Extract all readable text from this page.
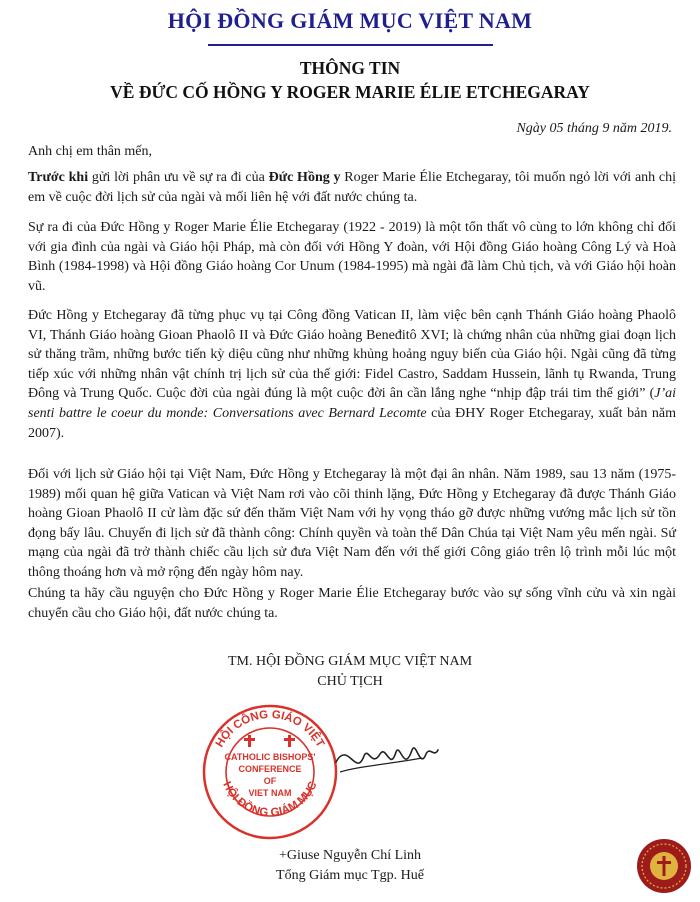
HỘI ĐỒNG GIÁM MỤC VIỆT NAM
THÔNG TIN
VỀ ĐỨC CỐ HỒNG Y ROGER MARIE ÉLIE ETCHEGARAY
Ngày 05 tháng 9 năm 2019.
Anh chị em thân mến,

Trước khi gửi lời phân ưu về sự ra đi của Đức Hồng y Roger Marie Élie Etchegaray, tôi muốn ngỏ lời với anh chị em về cuộc đời lịch sử của ngài và mối liên hệ với đất nước chúng ta.

Sự ra đi của Đức Hồng y Roger Marie Élie Etchegaray (1922 - 2019) là một tổn thất vô cùng to lớn không chỉ đối với gia đình của ngài và Giáo hội Pháp, mà còn đối với Hồng Y đoàn, với Hội đồng Giáo hoàng Công Lý và Hoà Bình (1984-1998) và Hội đồng Giáo hoàng Cor Unum (1984-1995) mà ngài đã làm Chủ tịch, và với Giáo hội hoàn vũ.

Đức Hồng y Etchegaray đã từng phục vụ tại Công đồng Vatican II, làm việc bên cạnh Thánh Giáo hoàng Phaolô VI, Thánh Giáo hoàng Gioan Phaolô II và Đức Giáo hoàng Beneđitô XVI; là chứng nhân của những giai đoạn lịch sử thăng trầm, những bước tiến kỳ diệu cũng như những khủng hoảng nguy biến của Giáo hội. Ngài cũng đã từng tiếp xúc với những nhân vật chính trị lịch sử của thế giới: Fidel Castro, Saddam Hussein, lãnh tụ Rwanda, Trung Đông và Trung Quốc. Cuộc đời của ngài đúng là một cuộc đời ân cần lắng nghe “nhịp đập trái tim thế giới” (J’ai senti battre le coeur du monde: Conversations avec Bernard Lecomte của ĐHY Roger Etchegaray, xuất bản năm 2007).

Đối với lịch sử Giáo hội tại Việt Nam, Đức Hồng y Etchegaray là một đại ân nhân. Năm 1989, sau 13 năm (1975-1989) mối quan hệ giữa Vatican và Việt Nam rơi vào cõi thinh lặng, Đức Hồng y Etchegaray đã được Thánh Giáo hoàng Gioan Phaolô II cử làm đặc sứ đến thăm Việt Nam với hy vọng tháo gỡ được những vướng mắc lịch sử tồn đọng bấy lâu. Chuyến đi lịch sử đã thành công: Chính quyền và toàn thể Dân Chúa tại Việt Nam yêu mến ngài. Sứ mạng của ngài đã trở thành chiếc cầu lịch sử đưa Việt Nam đến với thế giới Công giáo trên lộ trình mỗi lúc một thông thoáng hơn và mở rộng đến ngày hôm nay.

Chúng ta hãy cầu nguyện cho Đức Hồng y Roger Marie Élie Etchegaray bước vào sự sống vĩnh cửu và xin ngài chuyển cầu cho Giáo hội, đất nước chúng ta.

TM. HỘI ĐỒNG GIÁM MỤC VIỆT NAM
CHỦ TỊCH
HỘI CÔNG GIÁO VIỆT
HỘI ĐỒNG GIÁM MỤC
CATHOLIC BISHOPS'
CONFERENCE
OF
VIET NAM
+Giuse Nguyễn Chí Linh
Tổng Giám mục Tgp. Huế
